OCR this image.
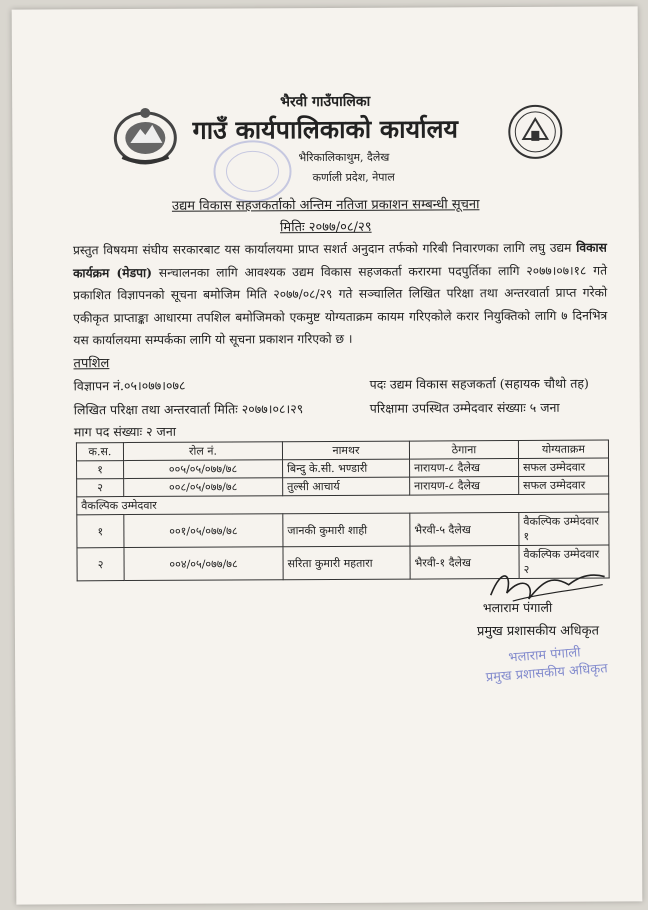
भैरवी गाउँपालिका
गाउँ कार्यपालिकाको कार्यालय
भैरिकालिकाथुम, दैलेख
कर्णाली प्रदेश, नेपाल
उद्यम विकास सहजकर्ताको अन्तिम नतिजा प्रकाशन सम्बन्धी सूचना
मितिः २०७७/०८/२९
प्रस्तुत विषयमा संघीय सरकारबाट यस कार्यालयमा प्राप्त सशर्त अनुदान तर्फको गरिबी निवारणका लागि लघु उद्यम विकास कार्यक्रम (मेडपा) सन्चालनका लागि आवश्यक उद्यम विकास सहजकर्ता करारमा पदपुर्तिका लागि २०७७।०७।१८ गते प्रकाशित विज्ञापनको सूचना बमोजिम मिति २०७७/०८/२९ गते सञ्चालित लिखित परिक्षा तथा अन्तरवार्ता प्राप्त गरेको एकीकृत प्राप्ताङ्का आधारमा तपशिल बमोजिमको एकमुष्ट योग्यताक्रम कायम गरिएकोले करार नियुक्तिको लागि ७ दिनभित्र यस कार्यालयमा सम्पर्कका लागि यो सूचना प्रकाशन गरिएको छ ।
तपशिल
विज्ञापन नं.०५।०७७।०७८	पदः उद्यम विकास सहजकर्ता (सहायक चौथो तह)
लिखित परिक्षा तथा अन्तरवार्ता मितिः २०७७।०८।२९	परिक्षामा उपस्थित उम्मेदवार संख्याः ५ जना
माग पद संख्याः २ जना
क.स.	रोल नं.	नामथर	ठेगाना	योग्यताक्रम
१	००५/०५/०७७/७८	बिन्दु के.सी. भण्डारी	नारायण-८ दैलेख	सफल उम्मेदवार
२	००८/०५/०७७/७८	तुल्सी आचार्य	नारायण-८ दैलेख	सफल उम्मेदवार
वैकल्पिक उम्मेदवार				
१	००१/०५/०७७/७८	जानकी कुमारी शाही	भैरवी-५ दैलेख	वैकल्पिक उम्मेदवार १
२	००४/०५/०७७/७८	सरिता कुमारी महतारा	भैरवी-१ दैलेख	वैकल्पिक उम्मेदवार २
भलाराम पंगाली
प्रमुख प्रशासकीय अधिकृत
भलाराम पंगाली
प्रमुख प्रशासकीय अधिकृत
